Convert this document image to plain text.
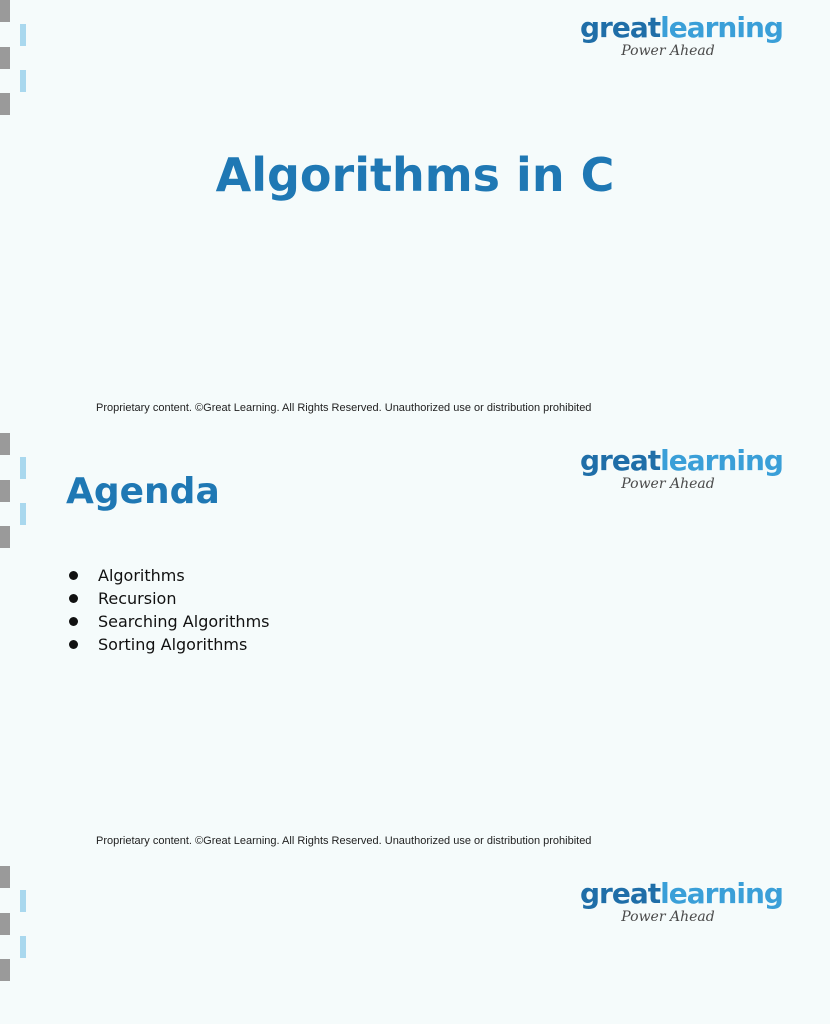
greatlearning
Power Ahead
Algorithms in C
Proprietary content. ©Great Learning. All Rights Reserved. Unauthorized use or distribution prohibited
greatlearning
Power Ahead
Agenda
Algorithms
Recursion
Searching Algorithms
Sorting Algorithms
Proprietary content. ©Great Learning. All Rights Reserved. Unauthorized use or distribution prohibited
greatlearning
Power Ahead
